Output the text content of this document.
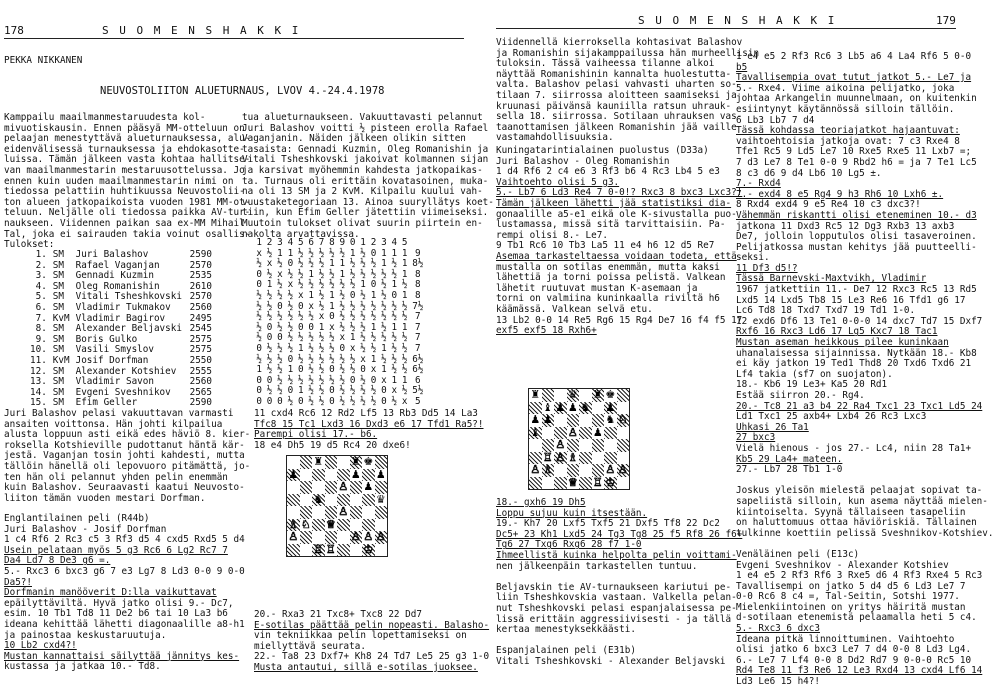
178	S U O M E N S H A K K I
PEKKA NIKKANEN
NEUVOSTOLIITON ALUETURNAUS, LVOV 4.-24.4.1978
Kamppailu maailmanmestaruudesta kol-
mivuotiskausin. Ennen pääsyä MM-otteluun on
pelaajan menestyttävä alueturnauksessa, alu-
eidenvälisessä turnauksessa ja ehdokasotte-
luissa. Tämän jälkeen vasta kohtaa hallitse-
van maailmanmestarin mestaruusottelussa. Jo
ennen kuin uuden maailmanmestarin nimi on
tiedossa pelattiin huhtikuussa Neuvostolii-
ton alueen jatkopaikoista vuoden 1981 MM-ot-
teluun. Neljälle oli tiedossa paikka AV-tur-
naukseen. Viidennen paikan saa ex-MM Mihail
Tal, joka ei sairauden takia voinut osallis-
tua alueturnaukseen. Vakuuttavasti pelannut
Juri Balashov voitti ½ pisteen erolla Rafael
Vaganjanin. Näiden jälkeen olikin sitten
tasaista: Gennadi Kuzmin, Oleg Romanishin ja
Vitali Tsheshkovski jakoivat kolmannen sijan
ja karsivat myöhemmin kahdesta jatkopaikas-
ta. Turnaus oli erittäin kovatasoinen, muka-
na oli 13 SM ja 2 KvM. Kilpailu kuului vah-
vuustaketegoriaan 13. Ainoa suuryllätys koet-
tiin, kun Efim Geller jätettiin viimeiseksi.
Muutoin tulokset olivat suurin piirtein en-
nakolta arvattavissa.
Tulokset:
1.	SM	Juri Balashov	2590
2.	SM	Rafael Vaganjan	2570
3.	SM	Gennadi Kuzmin	2535
4.	SM	Oleg Romanishin	2610
5.	SM	Vitali Tsheshkovski	2570
6.	SM	Vladimir Tukmakov	2560
7.	KvM	Vladimir Bagirov	2495
8.	SM	Alexander Beljavski	2545
9.	SM	Boris Gulko	2575
10.	SM	Vasili Smyslov	2575
11.	KvM	Josif Dorfman	2550
12.	SM	Alexander Kotshiev	2555
13.	SM	Vladimir Savon	2560
14.	SM	Evgeni Sveshnikov	2565
15.	SM	Efim Geller	2590
1	2	3	4	5	6	7	8	9	0	1	2	3	4	5	
x	½	1	1	½	½	½	½	½	1	½	0	1	1	1	9
½	x	½	0	½	½	½	1	1	½	½	½	1	½	1	8½
0	½	x	½	½	1	½	½	1	½	½	½	½	½	1	8
0	1	½	x	½	½	½	½	½	½	1	0	½	1	½	8
½	½	½	½	x	1	½	1	½	0	½	1	½	0	1	8
½	½	0	½	0	x	½	1	½	½	½	½	½	½	½	7½
½	½	½	½	½	½	x	0	½	½	½	½	½	½	½	7
½	0	½	½	0	0	1	x	½	½	½	1	½	1	1	7
½	0	0	½	½	½	½	½	x	1	½	½	½	½	½	7
0	½	½	½	1	½	½	½	0	x	½	½	1	½	½	7
½	½	½	0	½	½	½	½	½	½	x	1	½	½	½	6½
1	½	½	1	0	½	½	0	½	½	0	x	1	½	½	6½
0	0	½	½	½	½	½	½	½	0	½	0	x	1	1	6
0	½	½	0	1	½	½	0	½	½	½	½	0	x	½	5½
0	0	0	½	0	½	½	0	½	½	½	½	0	½	x	5
Juri Balashov pelasi vakuuttavan varmasti
ansaiten voittonsa. Hän johti kilpailua
alusta loppuun asti eikä edes häviö 8. kier-
roksella Kotshieville pudottanut häntä kär-
jestä. Vaganjan tosin johti kahdesti, mutta
tällöin hänellä oli lepovuoro pitämättä, jo-
ten hän oli pelannut yhden pelin enemmän
kuin Balashov. Seuraavasti kaatui Neuvosto-
liiton tämän vuoden mestari Dorfman.
Englantilainen peli (R44b)
Juri Balashov - Josif Dorfman
1 c4 Rf6 2 Rc3 c5 3 Rf3 d5 4 cxd5 Rxd5 5 d4
Usein pelataan myös 5 g3 Rc6 6 Lg2 Rc7 7
Da4 Ld7 8 De3 g6 =.
5.- Rxc3 6 bxc3 g6 7 e3 Lg7 8 Ld3 0-0 9 0-0
Da5?!
Dorfmanin manööverit D:lla vaikuttavat
epäilyttäviltä. Hyvä jatko olisi 9.- Dc7,
esim. 10 Tb1 Td8 11 De2 b6 tai 10 La3 b6
ideana kehittää lähetti diagonaalille a8-h1
ja painostaa keskustaruutuja.
10 Lb2 cxd4?!
Mustan kannattaisi säilyttää jännitys kes-
kustassa ja jatkaa 10.- Td8.
11 cxd4 Rc6 12 Rd2 Lf5 13 Rb3 Dd5 14 La3
Tfc8 15 Tc1 Lxd3 16 Dxd3 e6 17 Tfd1 Ra5?!
Parempi olisi 17.- b6.
18 e4 Dh5 19 d5 Rc4 20 dxe6!
♜	♜ ♚
♟	♟ ♟
♙ ♟
♞	♛
♙
♗ ♘ ♕
♙	♙ ♙ ♙
♖ ♖	♔
20.- Rxa3 21 Txc8+ Txc8 22 Dd7
E-sotilas päättää pelin nopeasti. Balasho-
vin tekniikkaa pelin lopettamiseksi on
miellyttävä seurata.
22.- Ta8 23 Dxf7+ Kh8 24 Td7 Le5 25 g3 1-0
Musta antautui, sillä e-sotilas juoksee.
S U O M E N S H A K K I	179
Viidennellä kierroksella kohtasivat Balashov
ja Romanishin sijakamppailussa hän murheellisin
tuloksin. Tässä vaiheessa tilanne alkoi
näyttää Romanishinin kannalta huolestutta-
valta. Balashov pelasi vahvasti uharten so-
tilaan 7. siirrossa aloitteen saamiseksi ja
kruunasi päivänsä kauniilla ratsun uhrauk-
sella 18. siirrossa. Sotilaan uhrauksen vas-
taanottamisen jälkeen Romanishin jää vaille
vastamahdollisuuksia.
Kuningatarintialainen puolustus (D33a)
Juri Balashov - Oleg Romanishin
1 d4 Rf6 2 c4 e6 3 Rf3 b6 4 Rc3 Lb4 5 e3
Vaihtoehto olisi 5 g3.
5.- Lb7 6 Ld3 Re4 7 0-0!? Rxc3 8 bxc3 Lxc3?!
Tämän jälkeen lähetti jää statistiksi dia-
gonaalille a5-e1 eikä ole K-sivustalla puo-
lustamassa, missä sitä tarvittaisiin. Pa-
rempi olisi 8.- Le7.
9 Tb1 Rc6 10 Tb3 La5 11 e4 h6 12 d5 Re7
Asemaa tarkasteltaessa voidaan todeta, että
mustalla on sotilas enemmän, mutta kaksi
lähettiä ja torni poissa pelistä. Valkean
lähetit ruutuvat mustan K-asemaan ja
torni on valmiina kuninkaalla riviltä h6
käämässä. Valkean selvä etu.
13 Lb2 0-0 14 Re5 Rg6 15 Rg4 De7 16 f4 f5 17
exf5 exf5 18 Rxh6+
♜	♛ ♜ ♚
♝ ♟ ♟ ♞ ♟
♟ ♟	♞ ♘
♝	♙ ♟
♙
♖ ♙ ♗
♙ ♗	♙ ♙
♕ ♖ ♔
18.- gxh6 19 Dh5
Loppu sujuu kuin itsestään.
19.- Kh7 20 Lxf5 Txf5 21 Dxf5 Tf8 22 Dc2
Dc5+ 23 Kh1 Lxd5 24 Tg3 Tg8 25 f5 Rf8 26 f6+
Tg6 27 Txg6 Rxg6 28 f7 1-0
Ihmeellistä kuinka helpolta pelin voittami-
nen jälkeenpäin tarkastellen tuntuu.
Beljavskin tie AV-turnaukseen kariutui pe-
liin Tsheshkovskia vastaan. Valkella pelan-
nut Tsheshkovski pelasi espanjalaisessa pe-
lissä erittäin aggressiivisesti - ja tällä
kertaa menestyksekkäästi.
Espanjalainen peli (E31b)
Vitali Tsheshkovski - Alexander Beljavski
1 e4 e5 2 Rf3 Rc6 3 Lb5 a6 4 La4 Rf6 5 0-0
b5
Tavallisempia ovat tutut jatkot 5.- Le7 ja
5.- Rxe4. Viime aikoina pelijatko, joka
johtaa Arkangelin muunnelmaan, on kuitenkin
esiintynyt käytännössä silloin tällöin.
6 Lb3 Lb7 7 d4
Tässä kohdassa teoriajatkot hajaantuvat:
vaihtoehtoisia jatkoja ovat: 7 c3 Rxe4 8
Tfe1 Rc5 9 Ld5 Le7 10 Rxe5 Rxe5 11 Lxb7 =;
7 d3 Le7 8 Te1 0-0 9 Rbd2 h6 = ja 7 Te1 Lc5
8 c3 d6 9 d4 Lb6 10 Lg5 ±.
7.- Rxd4
7.- exd4 8 e5 Rg4 9 h3 Rh6 10 Lxh6 ±.
8 Rxd4 exd4 9 e5 Re4 10 c3 dxc3?!
Vähemmän riskantti olisi eteneminen 10.- d3
jatkona 11 Dxd3 Rc5 12 Dg3 Rxb3 13 axb3
De7, jolloin lopputulos olisi tasaveroinen.
Pelijatkossa mustan kehitys jää puutteelli-
seksi.
11 Df3 d5!?
Tässä Barnevski-Maxtvikh, Vladimir
1967 jatkettiin 11.- De7 12 Rxc3 Rc5 13 Rd5
Lxd5 14 Lxd5 Tb8 15 Le3 Re6 16 Tfd1 g6 17
Lc6 Td8 18 Txd7 Txd7 19 Td1 1-0.
12 exd6 Df6 13 Te1 0-0-0 14 dxc7 Td7 15 Dxf7
Rxf6 16 Rxc3 Ld6 17 Lg5 Kxc7 18 Tac1
Mustan aseman heikkous pilee kuninkaan
uhanalaisessa sijainnissa. Nytkään 18.- Kb8
ei käy jatkon 19 Ted1 Thd8 20 Txd6 Txd6 21
Lf4 takia (sf7 on suojaton).
18.- Kb6 19 Le3+ Ka5 20 Rd1
Estää siirron 20.- Rg4.
20.- Tc8 21 a3 b4 22 Ra4 Txc1 23 Txc1 Ld5 24
Ld1 Txc1 25 axb4+ Lxb4 26 Rc3 Lxc3
Uhkasi 26 Ta1
27 bxc3
Vielä hienous - jos 27.- Lc4, niin 28 Ta1+
Kb5 29 La4+ mateen.
27.- Lb7 28 Tb1 1-0
Joskus yleisön mielestä pelaajat sopivat ta-
sapeliistä silloin, kun asema näyttää mielen-
kiintoiselta. Syynä tällaiseen tasapeliin
on haluttomuus ottaa häviöriskiä. Tällainen
tulkinne koettiin pelissä Sveshnikov-Kotshiev.
Venäläinen peli (E13c)
Evgeni Sveshnikov - Alexander Kotshiev
1 e4 e5 2 Rf3 Rf6 3 Rxe5 d6 4 Rf3 Rxe4 5 Rc3
Tavallisempi on jatko 5 d4 d5 6 Ld3 Le7 7
0-0 Rc6 8 c4 =, Tal-Seitin, Sotshi 1977.
Mielenkiintoinen on yritys häiritä mustan
d-sotilaan etenemistä pelaamalla heti 5 c4.
5.- Rxc3 6 dxc3
Ideana pitkä linnoittuminen. Vaihtoehto
olisi jatko 6 bxc3 Le7 7 d4 0-0 8 Ld3 Lg4.
6.- Le7 7 Lf4 0-0 8 Dd2 Rd7 9 0-0-0 Rc5 10
Rd4 Te8 11 f3 Re6 12 Le3 Rxd4 13 cxd4 Lf6 14
Ld3 Le6 15 h4?!
